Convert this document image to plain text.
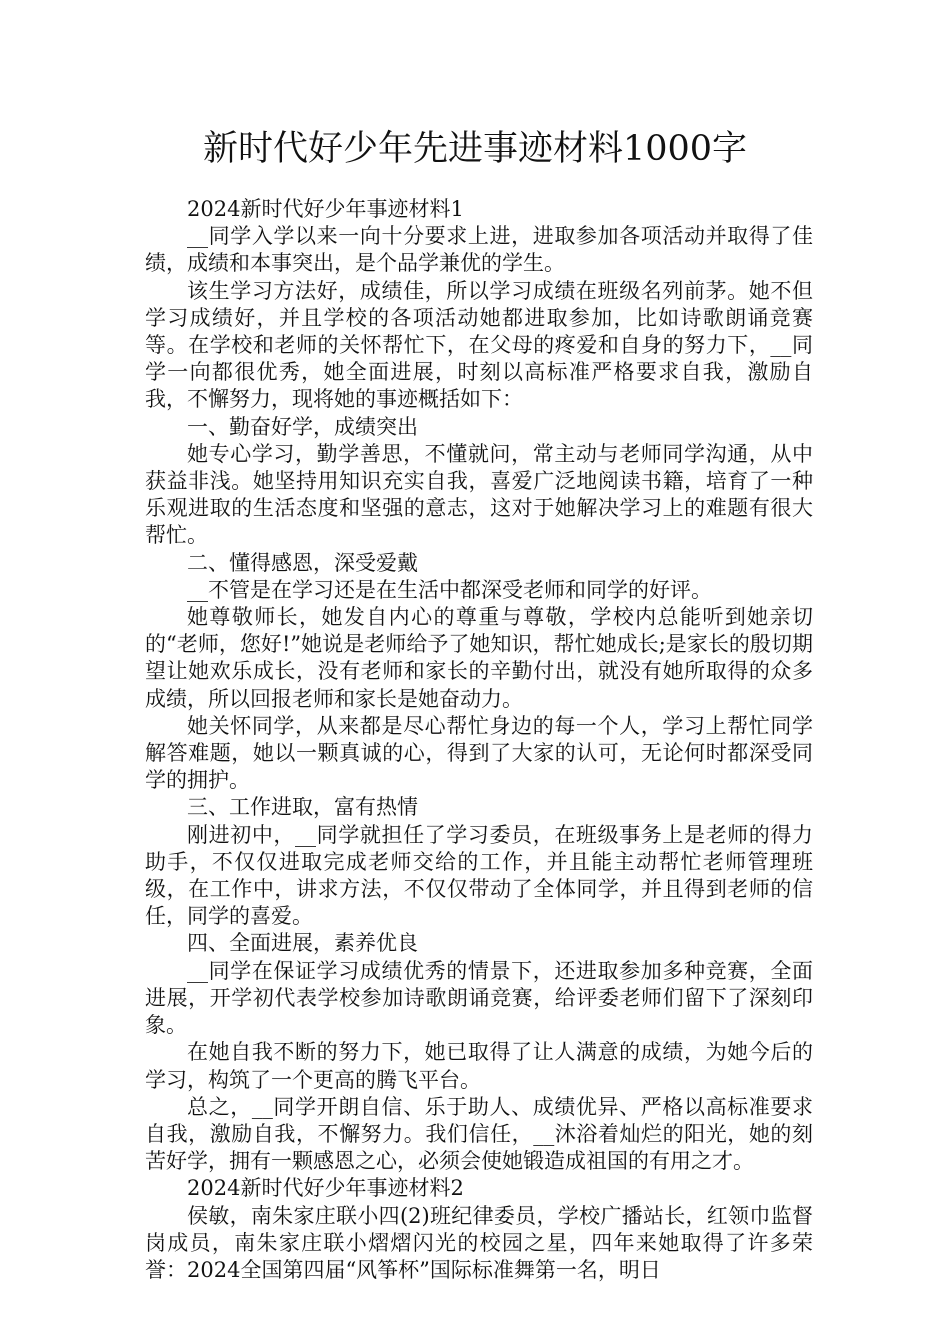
新时代好少年先进事迹材料1000字

2024新时代好少年事迹材料1

__同学入学以来一向十分要求上进，进取参加各项活动并取得了佳绩，成绩和本事突出，是个品学兼优的学生。

该生学习方法好，成绩佳，所以学习成绩在班级名列前茅。她不但学习成绩好，并且学校的各项活动她都进取参加，比如诗歌朗诵竞赛等。在学校和老师的关怀帮忙下，在父母的疼爱和自身的努力下，__同学一向都很优秀，她全面进展，时刻以高标准严格要求自我，激励自我，不懈努力，现将她的事迹概括如下：

一、勤奋好学，成绩突出

她专心学习，勤学善思，不懂就问，常主动与老师同学沟通，从中获益非浅。她坚持用知识充实自我，喜爱广泛地阅读书籍，培育了一种乐观进取的生活态度和坚强的意志，这对于她解决学习上的难题有很大帮忙。

二、懂得感恩，深受爱戴

__不管是在学习还是在生活中都深受老师和同学的好评。

她尊敬师长，她发自内心的尊重与尊敬，学校内总能听到她亲切的“老师，您好!”她说是老师给予了她知识，帮忙她成长;是家长的殷切期望让她欢乐成长，没有老师和家长的辛勤付出，就没有她所取得的众多成绩，所以回报老师和家长是她奋动力。

她关怀同学，从来都是尽心帮忙身边的每一个人，学习上帮忙同学解答难题，她以一颗真诚的心，得到了大家的认可，无论何时都深受同学的拥护。

三、工作进取，富有热情

刚进初中，__同学就担任了学习委员，在班级事务上是老师的得力助手，不仅仅进取完成老师交给的工作，并且能主动帮忙老师管理班级，在工作中，讲求方法，不仅仅带动了全体同学，并且得到老师的信任，同学的喜爱。

四、全面进展，素养优良

__同学在保证学习成绩优秀的情景下，还进取参加多种竞赛，全面进展，开学初代表学校参加诗歌朗诵竞赛，给评委老师们留下了深刻印象。

在她自我不断的努力下，她已取得了让人满意的成绩，为她今后的学习，构筑了一个更高的腾飞平台。

总之，__同学开朗自信、乐于助人、成绩优异、严格以高标准要求自我，激励自我，不懈努力。我们信任，__沐浴着灿烂的阳光，她的刻苦好学，拥有一颗感恩之心，必须会使她锻造成祖国的有用之才。

2024新时代好少年事迹材料2

侯敏，南朱家庄联小四(2)班纪律委员，学校广播站长，红领巾监督岗成员，南朱家庄联小熠熠闪光的校园之星，四年来她取得了许多荣誉：2024全国第四届“风筝杯”国际标准舞第一名，明日
